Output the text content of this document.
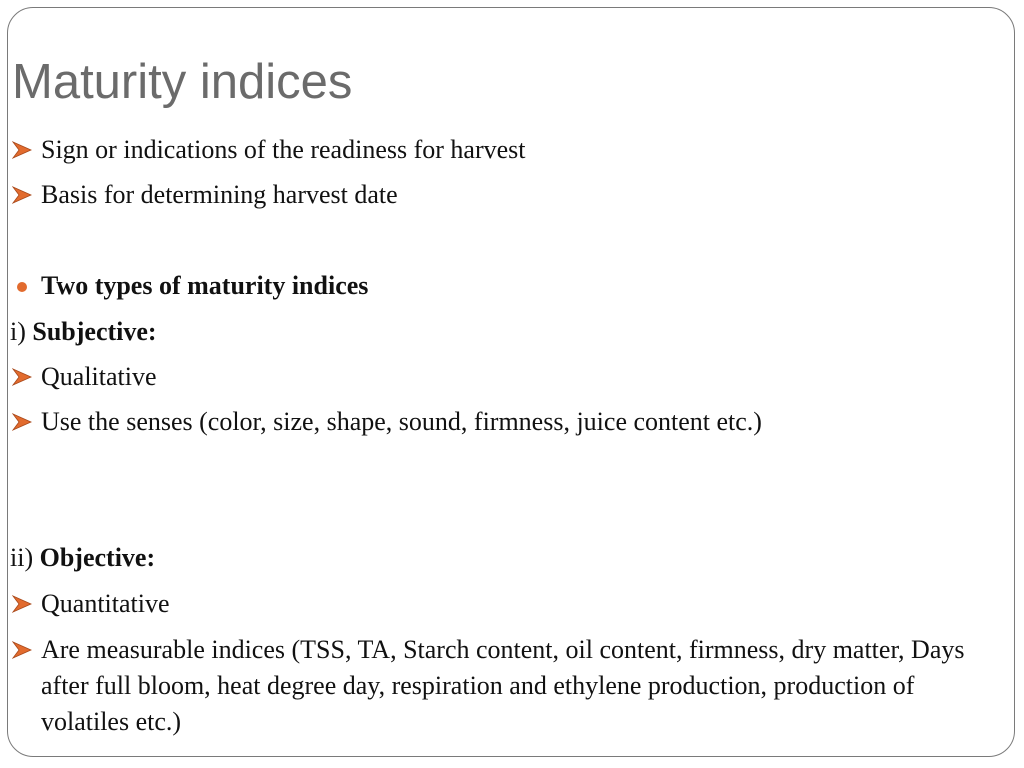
Maturity indices
Sign or indications of the readiness for harvest
Basis for determining harvest date
Two types of maturity indices
i) Subjective:
Qualitative
Use the senses (color, size, shape, sound, firmness, juice content etc.)
ii) Objective:
Quantitative
Are measurable indices (TSS, TA, Starch content, oil content, firmness, dry matter, Days after full bloom, heat degree day, respiration and ethylene production, production of volatiles etc.)
